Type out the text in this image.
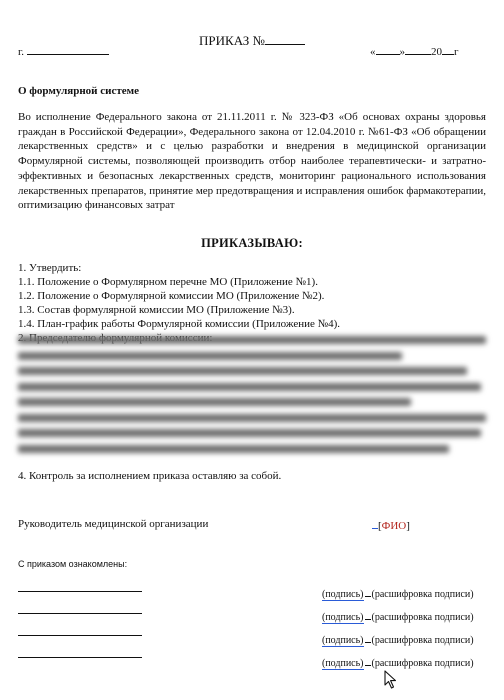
ПРИКАЗ №
г.	« » 20 г
О формулярной системе
Во исполнение Федерального закона от 21.11.2011 г. № 323-ФЗ «Об основах охраны здоровья граждан в Российской Федерации», Федерального закона от 12.04.2010 г. №61-ФЗ «Об обращении лекарственных средств» и с целью разработки и внедрения в медицинской организации Формулярной системы, позволяющей производить отбор наиболее терапевтически- и затратно- эффективных и безопасных лекарственных средств, мониторинг рационального использования лекарственных препаратов, принятие мер предотвращения и исправления ошибок фармакотерапии, оптимизацию финансовых затрат
ПРИКАЗЫВАЮ:
1. Утвердить:
1.1. Положение о Формулярном перечне МО (Приложение №1).
1.2. Положение о Формулярной комиссии МО (Приложение №2).
1.3. Состав формулярной комиссии МО (Приложение №3).
1.4. План-график работы Формулярной комиссии (Приложение №4).
4. Контроль за исполнением приказа оставляю за собой.
Руководитель медицинской организации	[ФИО]
С приказом ознакомлены:
(подпись) (расшифровка подписи)
(подпись) (расшифровка подписи)
(подпись) (расшифровка подписи)
(подпись) (расшифровка подписи)
